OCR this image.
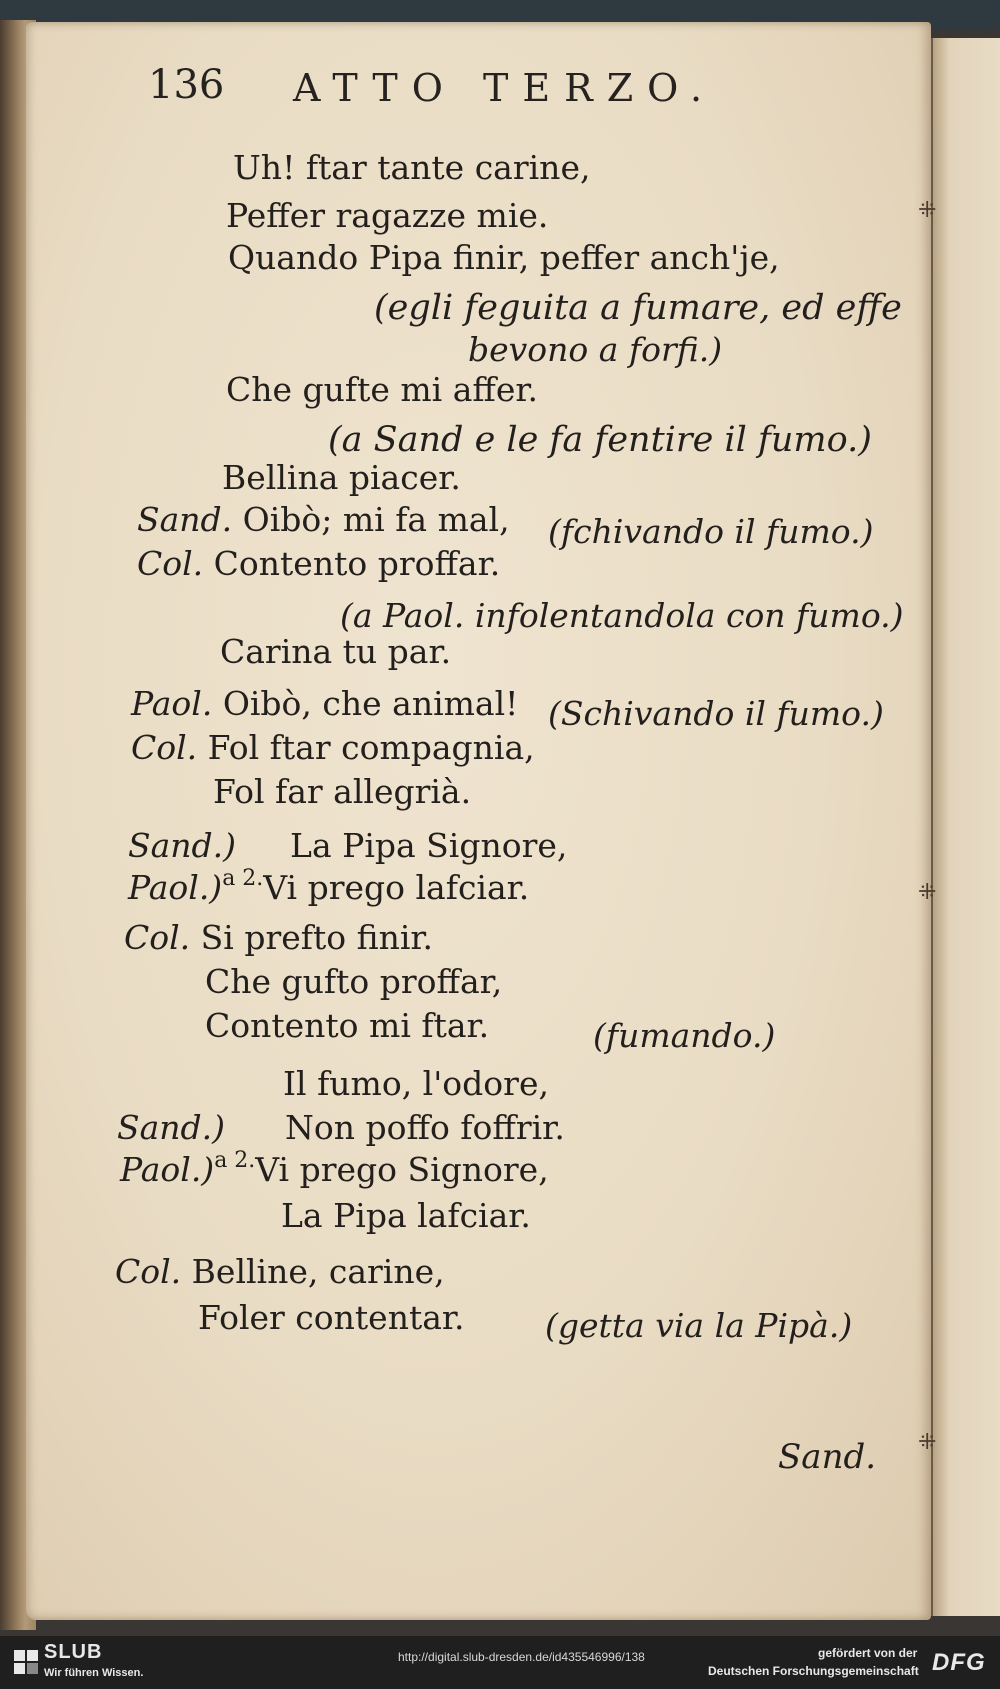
⁜
⁜
⁜
136 ATTO TERZO.
Uh! ftar tante carine,
Peffer ragazze mie.
Quando Pipa finir, peffer anch'je,
(egli feguita a fumare, ed effe
bevono a forfi.)
Che gufte mi affer.
(a Sand e le fa fentire il fumo.)
Bellina piacer.
Sand. Oibò; mi fa mal, (fchivando il fumo.)
Col. Contento proffar.
(a Paol. infolentandola con fumo.)
Carina tu par.
Paol. Oibò, che animal! (Schivando il fumo.)
Col. Fol ftar compagnia,
Fol far allegrià.
Sand.) La Pipa Signore,
Paol.)$^{a 2.}$Vi prego lafciar.
Col. Si prefto finir.
Che gufto proffar,
Contento mi ftar.	(fumando.)
Il fumo, l'odore,
Sand.) Non poffo foffrir.
Paol.)$^{a 2.}$Vi prego Signore,
La Pipa lafciar.
Col. Belline, carine,
Foler contentar. (getta via la Pipà.)
Sand.
SLUB
Wir führen Wissen.
http://digital.slub-dresden.de/id435546996/138	gefördert von der
Deutschen Forschungsgemeinschaft DFG
